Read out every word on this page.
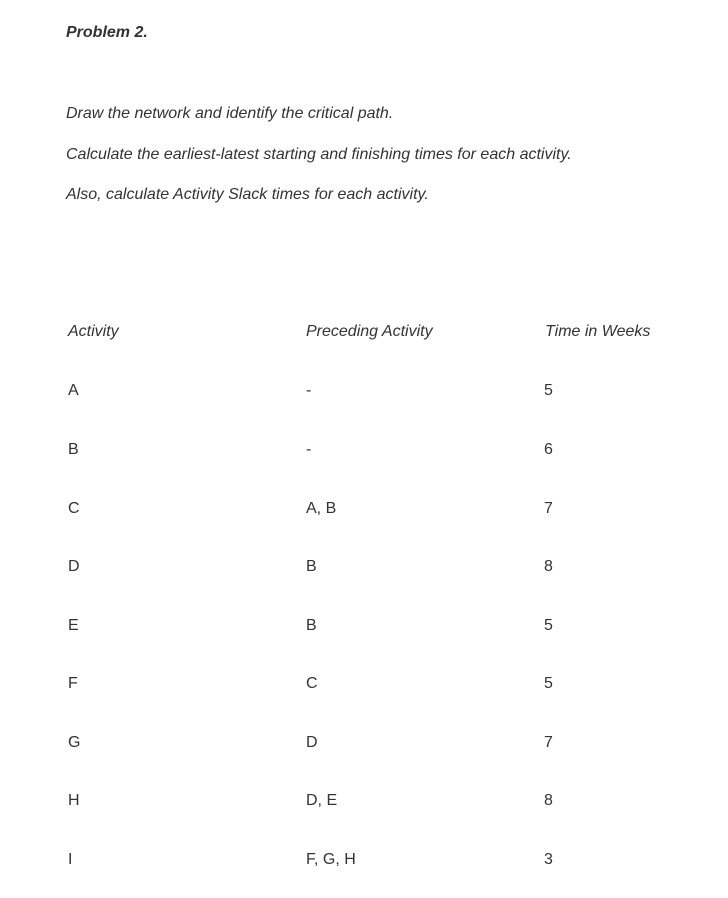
Problem 2.

Draw the network and identify the critical path.

Calculate the earliest-latest starting and finishing times for each activity.

Also, calculate Activity Slack times for each activity.

Activity	Preceding Activity	Time in Weeks
A	-	5
B	-	6
C	A, B	7
D	B	8
E	B	5
F	C	5
G	D	7
H	D, E	8
I	F, G, H	3
